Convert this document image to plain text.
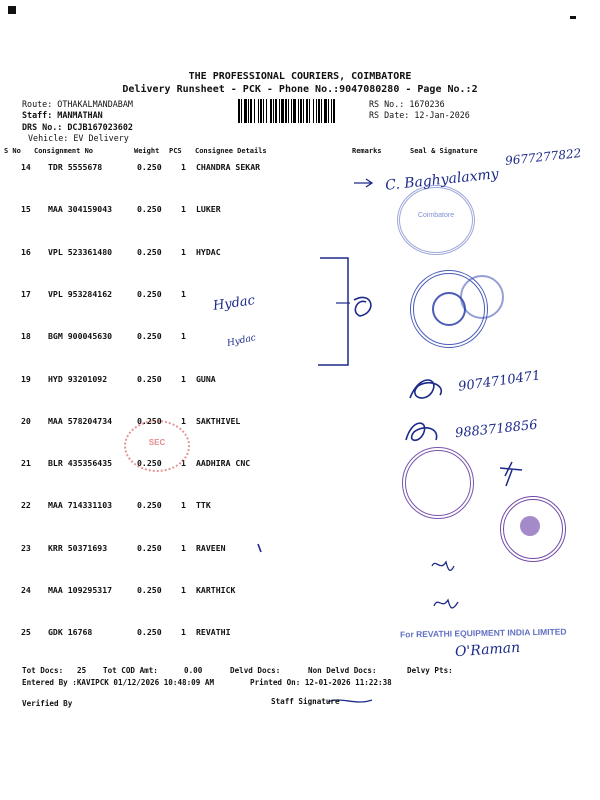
THE PROFESSIONAL COURIERS, COIMBATORE
Delivery Runsheet - PCK - Phone No.:9047080280 - Page No.:2
Route: OTHAKALMANDABAM
Staff: MANMATHAN
DRS No.: DCJB167023602
Vehicle: EV Delivery
RS No.: 1670236
RS Date: 12-Jan-2026
S No Consignment No	Weight PCS Consignee Details	Remarks	Seal & Signature
14 TDR 5555678	0.250 1 CHANDRA SEKAR
15 MAA 304159043	0.250 1 LUKER
16 VPL 523361480	0.250 1 HYDAC
17 VPL 953284162	0.250 1
18 BGM 900045630	0.250 1
19 HYD 93201092	0.250 1 GUNA
20 MAA 578204734	0.250 1 SAKTHIVEL
21 BLR 435356435	0.250 1 AADHIRA CNC
22 MAA 714331103	0.250 1 TTK
23 KRR 50371693	0.250 1 RAVEEN
24 MAA 109295317	0.250 1 KARTHICK
25 GDK 16768	0.250 1 REVATHI
9677277822
C. Baghyalaxmy
Hydac
Hydac
9074710471
9883718856
O'Raman
Coimbatore
SEC
For REVATHI EQUIPMENT INDIA LIMITED
Tot Docs: 25 Tot COD Amt:	0.00	Delvd Docs:	Non Delvd Docs:	Delvy Pts:
Entered By :KAVIPCK 01/12/2026 10:48:09 AM	Printed On: 12-01-2026 11:22:38
Verified By	Staff Signature
